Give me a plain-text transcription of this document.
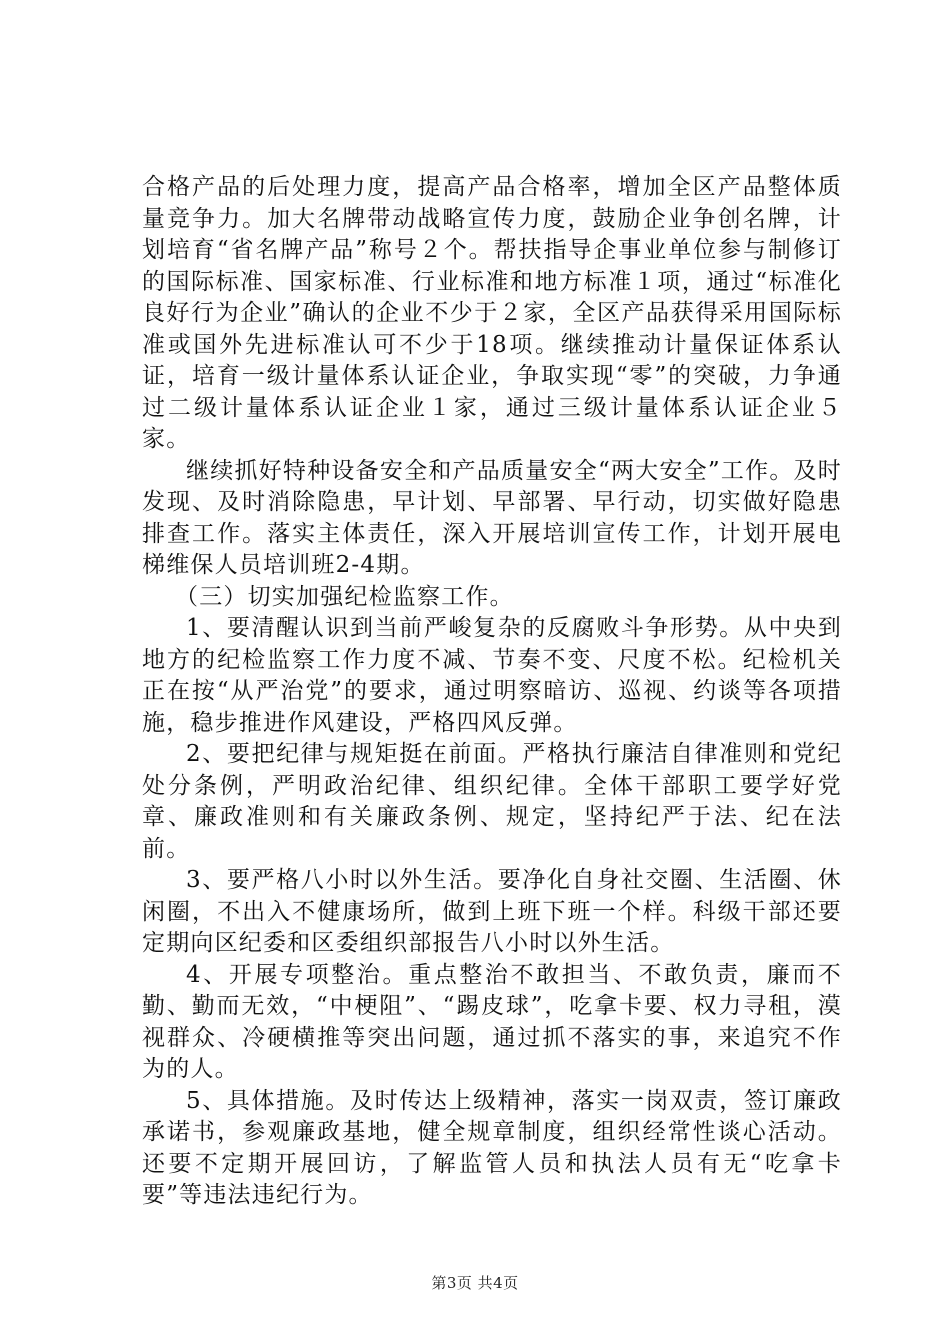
合格产品的后处理力度，提高产品合格率，增加全区产品整体质量竞争力。加大名牌带动战略宣传力度，鼓励企业争创名牌，计划培育“省名牌产品”称号２个。帮扶指导企事业单位参与制修订的国际标准、国家标准、行业标准和地方标准１项，通过“标准化良好行为企业”确认的企业不少于２家，全区产品获得采用国际标准或国外先进标准认可不少于18项。继续推动计量保证体系认证，培育一级计量体系认证企业，争取实现“零”的突破，力争通过二级计量体系认证企业１家，通过三级计量体系认证企业５家。

继续抓好特种设备安全和产品质量安全“两大安全”工作。及时发现、及时消除隐患，早计划、早部署、早行动，切实做好隐患排查工作。落实主体责任，深入开展培训宣传工作，计划开展电梯维保人员培训班2-4期。

（三）切实加强纪检监察工作。

1、要清醒认识到当前严峻复杂的反腐败斗争形势。从中央到地方的纪检监察工作力度不减、节奏不变、尺度不松。纪检机关正在按“从严治党”的要求，通过明察暗访、巡视、约谈等各项措施，稳步推进作风建设，严格四风反弹。

2、要把纪律与规矩挺在前面。严格执行廉洁自律准则和党纪处分条例，严明政治纪律、组织纪律。全体干部职工要学好党章、廉政准则和有关廉政条例、规定，坚持纪严于法、纪在法前。

3、要严格八小时以外生活。要净化自身社交圈、生活圈、休闲圈，不出入不健康场所，做到上班下班一个样。科级干部还要定期向区纪委和区委组织部报告八小时以外生活。

4、开展专项整治。重点整治不敢担当、不敢负责，廉而不勤、勤而无效，“中梗阻”、“踢皮球”，吃拿卡要、权力寻租，漠视群众、冷硬横推等突出问题，通过抓不落实的事，来追究不作为的人。

5、具体措施。及时传达上级精神，落实一岗双责，签订廉政承诺书，参观廉政基地，健全规章制度，组织经常性谈心活动。还要不定期开展回访，了解监管人员和执法人员有无“吃拿卡要”等违法违纪行为。

第3页 共4页
